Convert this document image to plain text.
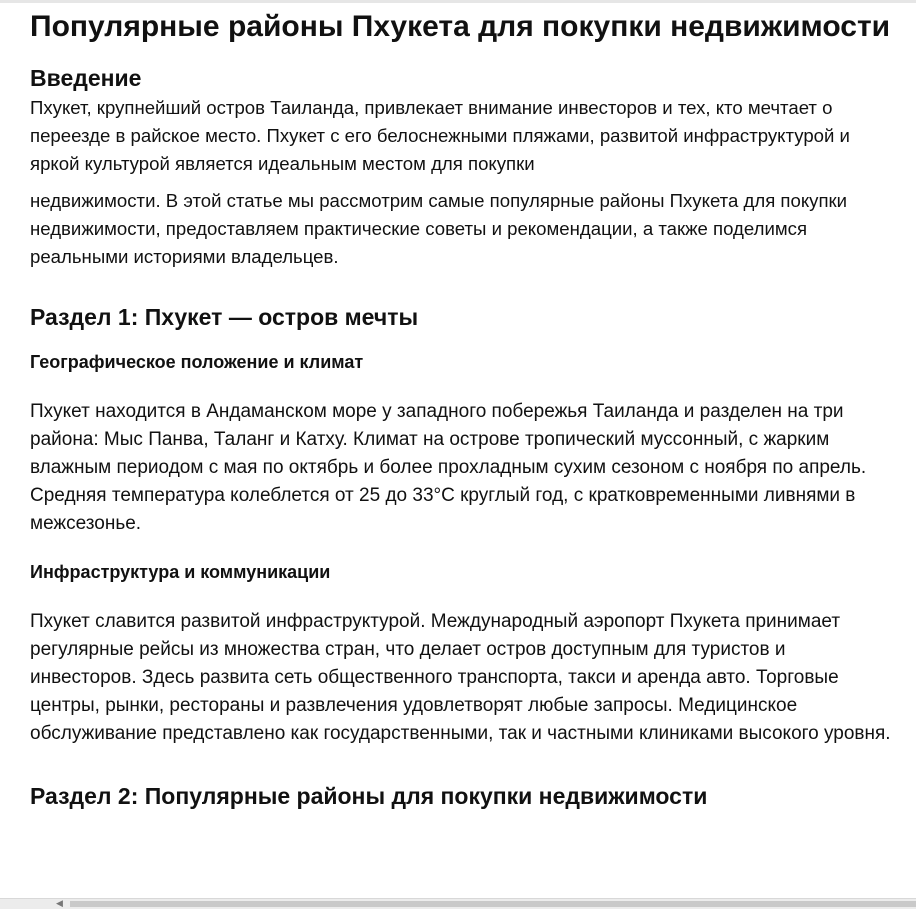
Популярные районы Пхукета для покупки недвижимости
Введение

Пхукет, крупнейший остров Таиланда, привлекает внимание инвесторов и тех, кто мечтает о переезде в райское место. Пхукет с его белоснежными пляжами, развитой инфраструктурой и яркой культурой является идеальным местом для покупки
недвижимости. В этой статье мы рассмотрим самые популярные районы Пхукета для покупки недвижимости, предоставляем практические советы и рекомендации, а также поделимся реальными историями владельцев.

Раздел 1: Пхукет — остров мечты
Географическое положение и климат

Пхукет находится в Андаманском море у западного побережья Таиланда и разделен на три района: Мыс Панва, Таланг и Катху. Климат на острове тропический муссонный, с жарким влажным периодом с мая по октябрь и более прохладным сухим сезоном с ноября по апрель. Средняя температура колеблется от 25 до 33°C круглый год, с кратковременными ливнями в межсезонье.

Инфраструктура и коммуникации

Пхукет славится развитой инфраструктурой. Международный аэропорт Пхукета принимает регулярные рейсы из множества стран, что делает остров доступным для туристов и инвесторов. Здесь развита сеть общественного транспорта, такси и аренда авто. Торговые центры, рынки, рестораны и развлечения удовлетворят любые запросы. Медицинское обслуживание представлено как государственными, так и частными клиниками высокого уровня.

Раздел 2: Популярные районы для покупки недвижимости
◀
